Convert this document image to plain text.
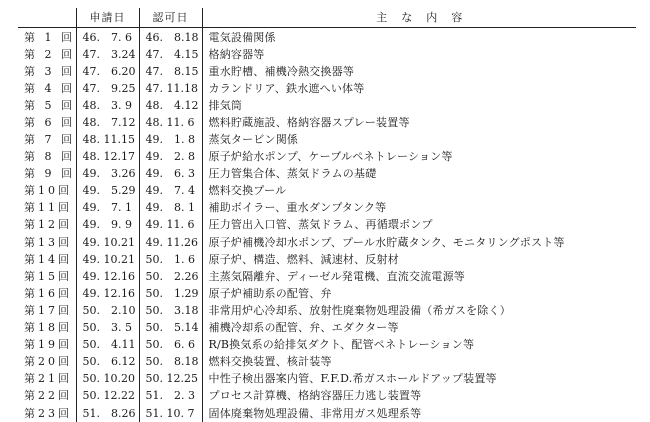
	申請日	認可日	主な内容
第 1 回	46.　7. 6	46.　8.18	電気設備関係
第 2 回	47.　3.24	47.　4.15	格納容器等
第 3 回	47.　6.20	47.　8.15	重水貯槽、補機冷熱交換器等
第 4 回	47.　9.25	47. 11.18	カランドリア、鉄水遮へい体等
第 5 回	48.　3. 9	48.　4.12	排気筒
第 6 回	48.　7.12	48. 11. 6	燃料貯蔵施設、格納容器スプレー装置等
第 7 回	48. 11.15	49.　1. 8	蒸気タービン関係
第 8 回	48. 12.17	49.　2. 8	原子炉給水ポンプ、ケーブルペネトレーション等
第 9 回	49.　3.26	49.　6. 3	圧力管集合体、蒸気ドラムの基礎
第10回	49.　5.29	49.　7. 4	燃料交換プール
第11回	49.　7. 1	49.　8. 1	補助ボイラー、重水ダンプタンク等
第12回	49.　9. 9	49. 11. 6	圧力管出入口管、蒸気ドラム、再循環ポンプ
第13回	49. 10.21	49. 11.26	原子炉補機冷却水ポンプ、プール水貯蔵タンク、モニタリングポスト等
第14回	49. 10.21	50.　1. 6	原子炉、構造、燃料、減速材、反射材
第15回	49. 12.16	50.　2.26	主蒸気隔離弁、ディーゼル発電機、直流交流電源等
第16回	49. 12.16	50.　1.29	原子炉補助系の配管、弁
第17回	50.　2.10	50.　3.18	非常用炉心冷却系、放射性廃棄物処理設備（希ガスを除く）
第18回	50.　3. 5	50.　5.14	補機冷却系の配管、弁、エダクター等
第19回	50.　4.11	50.　6. 6	R/B換気系の給排気ダクト、配管ペネトレーション等
第20回	50.　6.12	50.　8.18	燃料交換装置、核計装等
第21回	50. 10.20	50. 12.25	中性子検出器案内管、F.F.D.希ガスホールドアップ装置等
第22回	50. 12.22	51.　2. 3	プロセス計算機、格納容器圧力逃し装置等
第23回	51.　8.26	51. 10. 7	固体廃棄物処理設備、非常用ガス処理系等
